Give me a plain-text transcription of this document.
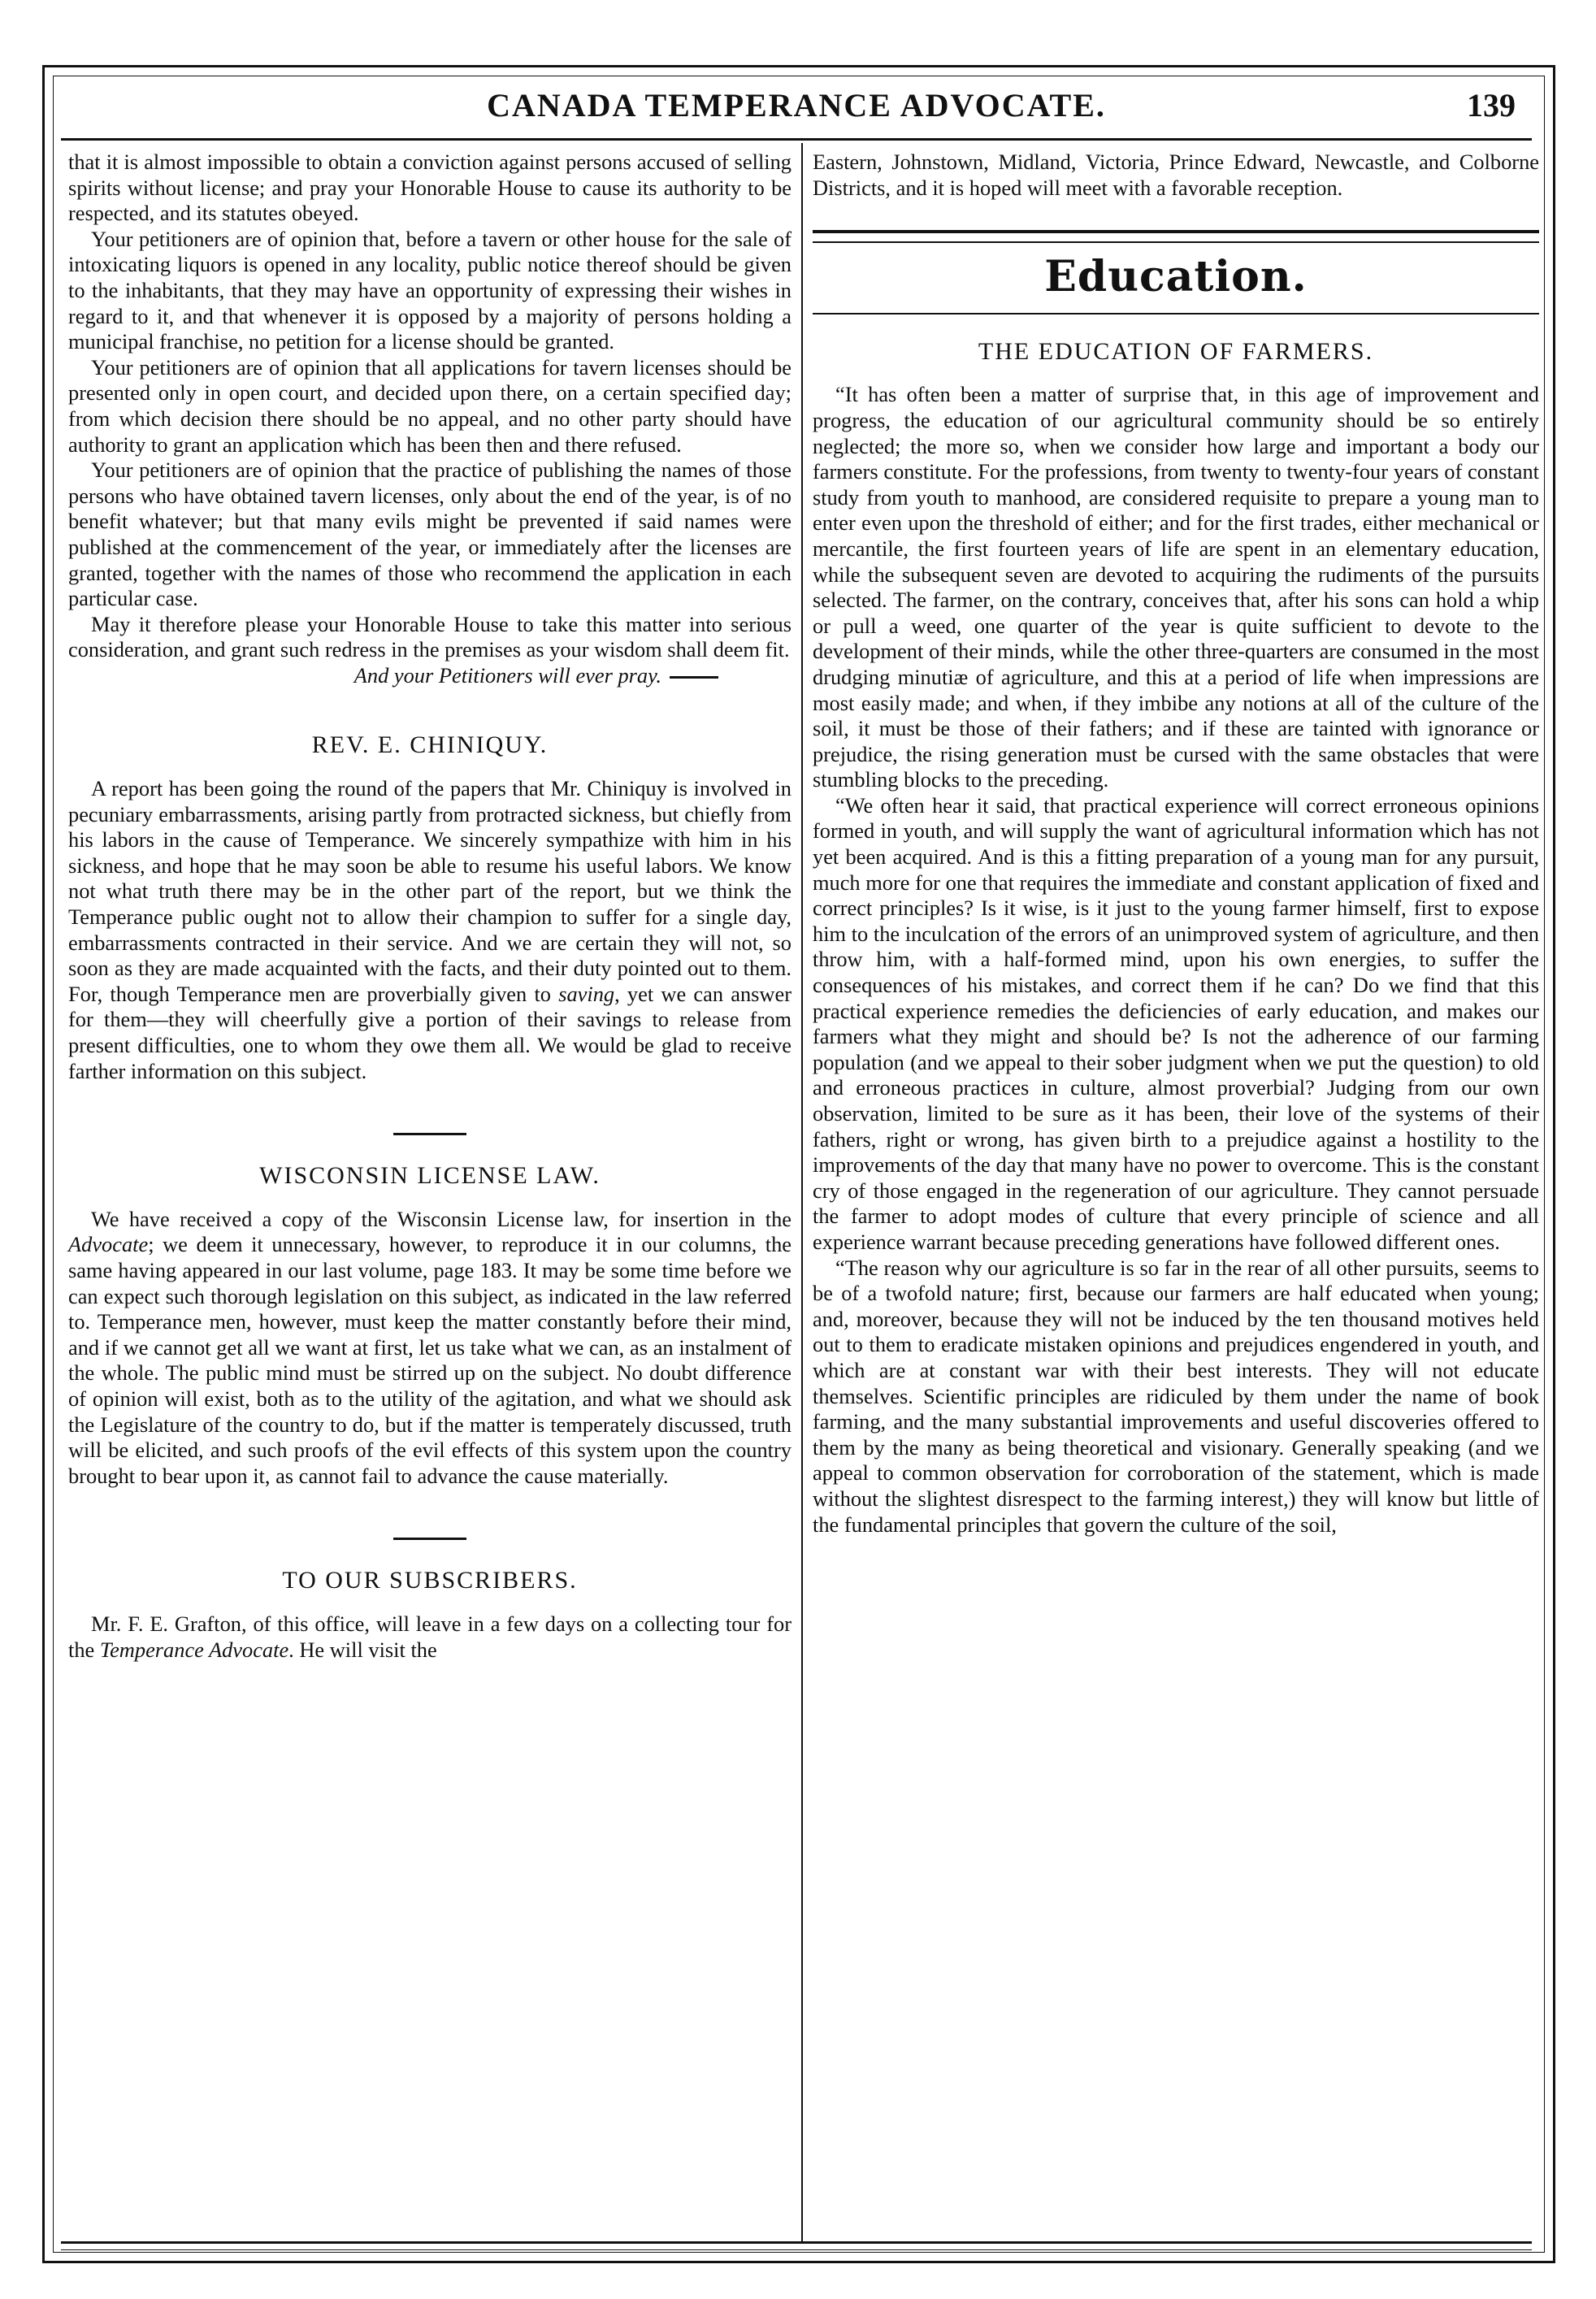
CANADA TEMPERANCE ADVOCATE.	139

that it is almost impossible to obtain a conviction against persons accused of selling spirits without license; and pray your Honorable House to cause its authority to be respected, and its statutes obeyed.

Your petitioners are of opinion that, before a tavern or other house for the sale of intoxicating liquors is opened in any locality, public notice thereof should be given to the inhabitants, that they may have an opportunity of expressing their wishes in regard to it, and that whenever it is opposed by a majority of persons holding a municipal franchise, no petition for a license should be granted.

Your petitioners are of opinion that all applications for tavern licenses should be presented only in open court, and decided upon there, on a certain specified day; from which decision there should be no appeal, and no other party should have authority to grant an application which has been then and there refused.

Your petitioners are of opinion that the practice of publishing the names of those persons who have obtained tavern licenses, only about the end of the year, is of no benefit whatever; but that many evils might be prevented if said names were published at the commencement of the year, or immediately after the licenses are granted, together with the names of those who recommend the application in each particular case.

May it therefore please your Honorable House to take this matter into serious consideration, and grant such redress in the premises as your wisdom shall deem fit.

And your Petitioners will ever pray.

REV. E. CHINIQUY.

A report has been going the round of the papers that Mr. Chiniquy is involved in pecuniary embarrassments, arising partly from protracted sickness, but chiefly from his labors in the cause of Temperance. We sincerely sympathize with him in his sickness, and hope that he may soon be able to resume his useful labors. We know not what truth there may be in the other part of the report, but we think the Temperance public ought not to allow their champion to suffer for a single day, embarrassments contracted in their service. And we are certain they will not, so soon as they are made acquainted with the facts, and their duty pointed out to them. For, though Temperance men are proverbially given to saving, yet we can answer for them—they will cheerfully give a portion of their savings to release from present difficulties, one to whom they owe them all. We would be glad to receive farther information on this subject.

WISCONSIN LICENSE LAW.

We have received a copy of the Wisconsin License law, for insertion in the Advocate; we deem it unnecessary, however, to reproduce it in our columns, the same having appeared in our last volume, page 183. It may be some time before we can expect such thorough legislation on this subject, as indicated in the law referred to. Temperance men, however, must keep the matter constantly before their mind, and if we cannot get all we want at first, let us take what we can, as an instalment of the whole. The public mind must be stirred up on the subject. No doubt difference of opinion will exist, both as to the utility of the agitation, and what we should ask the Legislature of the country to do, but if the matter is temperately discussed, truth will be elicited, and such proofs of the evil effects of this system upon the country brought to bear upon it, as cannot fail to advance the cause materially.

TO OUR SUBSCRIBERS.

Mr. F. E. Grafton, of this office, will leave in a few days on a collecting tour for the Temperance Advocate. He will visit the

Eastern, Johnstown, Midland, Victoria, Prince Edward, Newcastle, and Colborne Districts, and it is hoped will meet with a favorable reception.

Education.
THE EDUCATION OF FARMERS.

“It has often been a matter of surprise that, in this age of improvement and progress, the education of our agricultural community should be so entirely neglected; the more so, when we consider how large and important a body our farmers constitute. For the professions, from twenty to twenty-four years of constant study from youth to manhood, are considered requisite to prepare a young man to enter even upon the threshold of either; and for the first trades, either mechanical or mercantile, the first fourteen years of life are spent in an elementary education, while the subsequent seven are devoted to acquiring the rudiments of the pursuits selected. The farmer, on the contrary, conceives that, after his sons can hold a whip or pull a weed, one quarter of the year is quite sufficient to devote to the development of their minds, while the other three-quarters are consumed in the most drudging minutiæ of agriculture, and this at a period of life when impressions are most easily made; and when, if they imbibe any notions at all of the culture of the soil, it must be those of their fathers; and if these are tainted with ignorance or prejudice, the rising generation must be cursed with the same obstacles that were stumbling blocks to the preceding.

“We often hear it said, that practical experience will correct erroneous opinions formed in youth, and will supply the want of agricultural information which has not yet been acquired. And is this a fitting preparation of a young man for any pursuit, much more for one that requires the immediate and constant application of fixed and correct principles? Is it wise, is it just to the young farmer himself, first to expose him to the inculcation of the errors of an unimproved system of agriculture, and then throw him, with a half-formed mind, upon his own energies, to suffer the consequences of his mistakes, and correct them if he can? Do we find that this practical experience remedies the deficiencies of early education, and makes our farmers what they might and should be? Is not the adherence of our farming population (and we appeal to their sober judgment when we put the question) to old and erroneous practices in culture, almost proverbial? Judging from our own observation, limited to be sure as it has been, their love of the systems of their fathers, right or wrong, has given birth to a prejudice against a hostility to the improvements of the day that many have no power to overcome. This is the constant cry of those engaged in the regeneration of our agriculture. They cannot persuade the farmer to adopt modes of culture that every principle of science and all experience warrant because preceding generations have followed different ones.

“The reason why our agriculture is so far in the rear of all other pursuits, seems to be of a twofold nature; first, because our farmers are half educated when young; and, moreover, because they will not be induced by the ten thousand motives held out to them to eradicate mistaken opinions and prejudices engendered in youth, and which are at constant war with their best interests. They will not educate themselves. Scientific principles are ridiculed by them under the name of book farming, and the many substantial improvements and useful discoveries offered to them by the many as being theoretical and visionary. Generally speaking (and we appeal to common observation for corroboration of the statement, which is made without the slightest disrespect to the farming interest,) they will know but little of the fundamental principles that govern the culture of the soil,
